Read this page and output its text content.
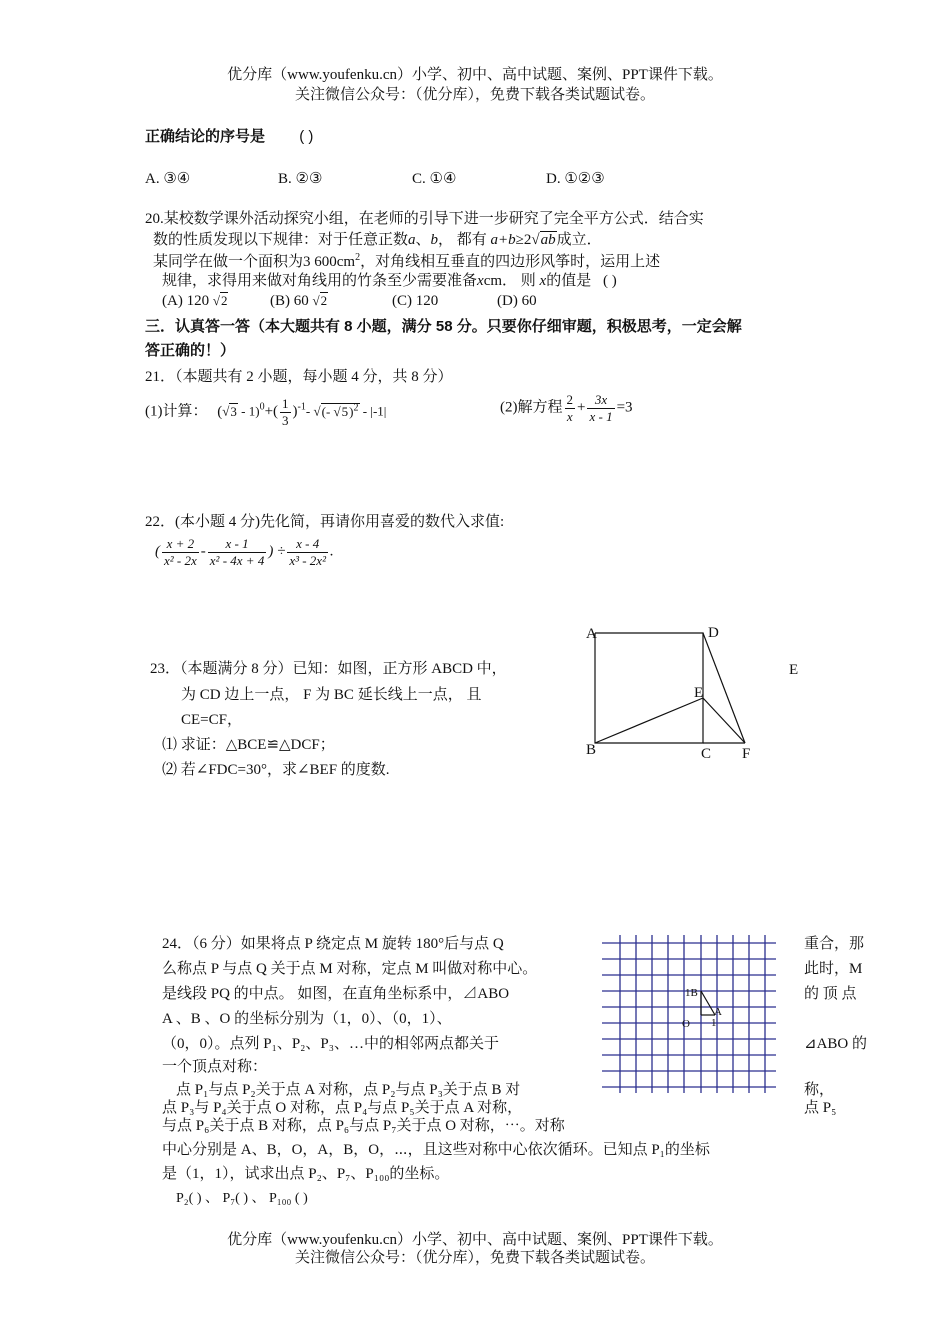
优分库（www.youfenku.cn）小学、初中、高中试题、案例、PPT课件下载。
关注微信公众号：（优分库），免费下载各类试题试卷。
正确结论的序号是 ( )
A. ③④	B. ②③	C. ①④	D. ①②③
20.某校数学课外活动探究小组，在老师的引导下进一步研究了完全平方公式．结合实
数的性质发现以下规律：对于任意正数a、b， 都有 a+b≥2√ab成立．
某同学在做一个面积为3 $600cm^2$，对角线相互垂直的四边形风筝时，运用上述
规律，求得用来做对角线用的竹条至少需要准备xcm． 则 x的值是 ( )
(A) 120 √2	(B) 60 √2	(C) 120	(D) 60
三．认真答一答（本大题共有 8 小题，满分 58 分。只要你仔细审题，积极思考，一定会解
答正确的！）
21．（本题共有 2 小题，每小题 4 分，共 8 分）
(1)计算： $(√3 - 1)^0+( \frac{1}{3} )^{-1}-$ √(- √5)$^2$ - |-1|	(2)解方程 $\frac{2}{x} + \frac{3x}{x - 1} =3$
22．(本小题 4 分)先化简，再请你用喜爱的数代入求值:
( $\frac{x + 2}{\text{x² - 2x}} - \frac{x - 1}{\text{x² - 4x + 4}}$ ) ÷ $\frac{x - 4}{\text{x³ - 2x²}}$ .
23．（本题满分 8 分）已知：如图，正方形 ABCD 中，
为 CD 边上一点， F 为 BC 延长线上一点， 且
CE=CF，
⑴ 求证：△BCE≌△DCF；
⑵ 若∠FDC=30°，求∠BEF 的度数.
E
A	D
E
B	C F
24．（6 分）如果将点 P 绕定点 M 旋转 180°后与点 Q	重合，那
么称点 P 与点 Q 关于点 M 对称，定点 M 叫做对称中心。	此时，M
是线段 PQ 的中点。 如图，在直角坐标系中，⊿ABO	的 顶 点
A 、B 、O 的坐标分别为（1，0）、（0，1）、
（0，0）。点列 P₁、P₂、P₃、…中的相邻两点都关于	⊿ABO 的
一个顶点对称：
点 P₁与点 P₂关于点 A 对称，点 P₂与点 P₃关于点 B 对	称，
点 P₃与 P₄关于点 O 对称，点 P₄与点 P₅关于点 A 对称，	点 P₅
与点 P₆关于点 B 对称，点 P₆与点 P₇关于点 O 对称，⋯。对称
中心分别是 A、B，O，A，B，O，⋯，且这些对称中心依次循环。已知点 P₁的坐标
是（1，1），试求出点 P₂、P₇、P₁₀₀的坐标。
P₂( ) 、 P₇( ) 、 P₁₀₀ ( )
1B
A
O 1
优分库（www.youfenku.cn）小学、初中、高中试题、案例、PPT课件下载。
关注微信公众号：（优分库），免费下载各类试题试卷。
